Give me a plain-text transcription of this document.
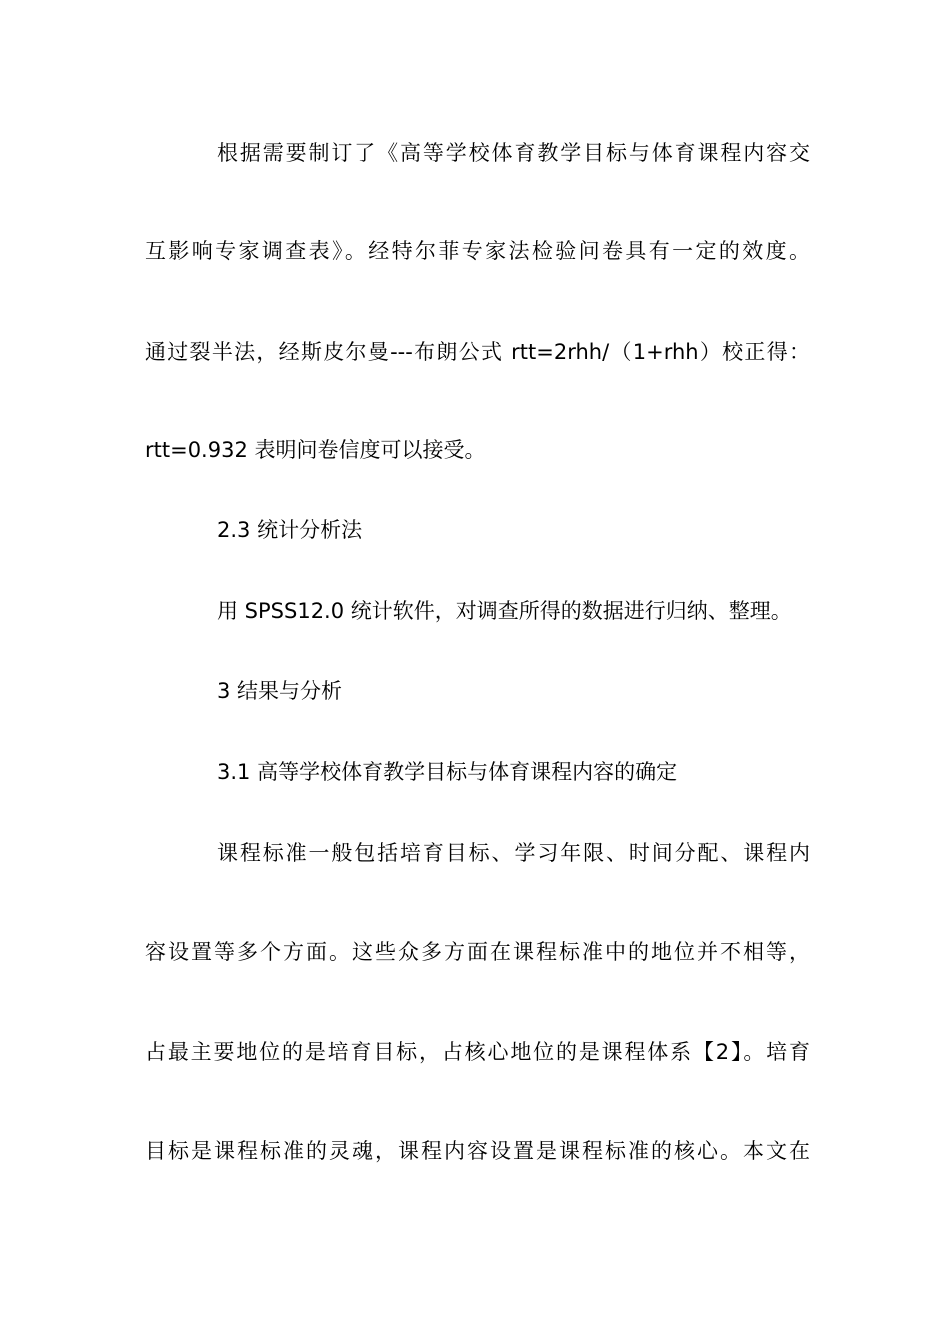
根据需要制订了《高等学校体育教学目标与体育课程内容交
互影响专家调查表》。经特尔菲专家法检验问卷具有一定的效度。
通过裂半法，经斯皮尔曼---布朗公式 rtt=2rhh/（1+rhh）校正得：
rtt=0.932 表明问卷信度可以接受。
2.3 统计分析法
用 SPSS12.0 统计软件，对调查所得的数据进行归纳、整理。
3 结果与分析
3.1 高等学校体育教学目标与体育课程内容的确定
课程标准一般包括培育目标、学习年限、时间分配、课程内
容设置等多个方面。这些众多方面在课程标准中的地位并不相等，
占最主要地位的是培育目标，占核心地位的是课程体系【2】。培育
目标是课程标准的灵魂，课程内容设置是课程标准的核心。本文在
